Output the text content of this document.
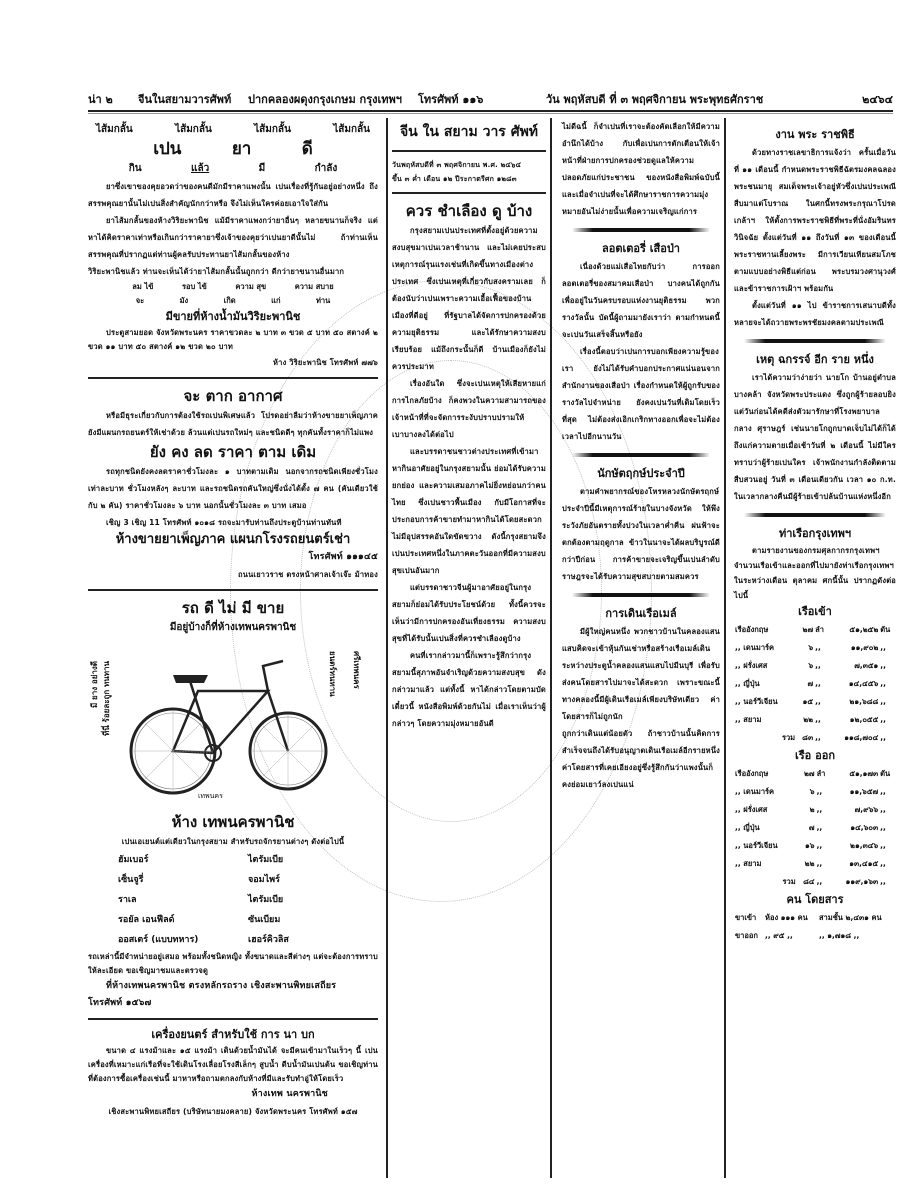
น่า ๒ จีนในสยามวารศัพท์ ปากคลองผดุงกรุงเกษม กรุงเทพฯ โทรศัพท์ ๑๑๖	วัน พฤหัสบดี ที่ ๓ พฤศจิกายน พระพุทธศักราช	๒๔๖๔
ไส้มกลั้น	ไส้มกลั้น	ไส้มกลั้น	ไส้มกลั้น
เปน	ยา	ดี
กิน	แล้ว	มี	กำลัง
ยาซึ่งเขาของคุยอวดว่าของคนดีมักมีราคาแพงนั้น เปนเรื่องที่รู้กันอยู่อย่างหนึ่ง ถึงสรรพคุณยานั้นไม่เปนสิ่งสำคัญนักกว่าหรือ จึงไม่เห็นใครค่อยเอาใจใส่กัน
ยาไส้มกลั้นของห้างวิริยะพานิช แม้มีราคาแพงกว่ายาอื่นๆ หลายขนานก็จริง แต่หาได้คิดราคาเท่าหรือเกินกว่าราคายาซึ่งเจ้าของคุยว่าเปนยาดีนั้นไม่ ถ้าท่านเห็นสรรพคุณที่ปรากฏแต่ท่านผู้คลรับประทานยาไส้มกลั้นของห้าง
วิริยะพานิชแล้ว ท่านจะเห็นได้ว่ายาไส้มกลั้นนั้นถูกกว่า ดีกว่ายาขนานอื่นมาก
ลม ไข้	รอบ ไข้	ความ สุข	ความ สบาย
จะ	มัง	เกิด	แก่	ท่าน
มีขายที่ห้างน้ำมันวิริยะพานิช
ประตูสามยอด จังหวัดพระนคร ราคาขวดละ ๒ บาท ๓ ขวด ๕ บาท ๕๐ สตางค์ ๒ ขวด ๑๑ บาท ๕๐ สตางค์ ๑๒ ขวด ๒๐ บาท
ห้าง วิริยะพานิช โทรศัพท์ ๗๗๖
จะ ตาก อากาศ
หรือมีธุระเกี่ยวกับการต้องใช้รถเปนพิเศษแล้ว โปรดอย่าลืมว่าห้างขายยาเพ็ญภาค ยังมีแผนกรถยนตร์ให้เช่าด้วย ล้วนแต่เปนรถใหม่ๆ และชนิดดีๆ ทุกคันทั้งราคาก็ไม่แพง
ยัง คง ลด ราคา ตาม เดิม
รถทุกชนิดยังคงลดราคาชั่วโมงละ ๑ บาทตามเดิม นอกจากรถชนิดเพียงชั่วโมงเท่าละบาท ชั่วโมงหลังๆ ละบาท และรถชนิดรถคันใหญ่ซึ่งนั่งได้ตั้ง ๗ คน (คันเดียวใช้กับ ๒ คัน) ราคาชั่วโมงละ ๖ บาท นอกนั้นชั่วโมงละ ๓ บาท เสมอ
เชิญ 3 เชิญ 11 โทรศัพท์ ๑๐๑๘ รถจะมารับท่านถึงประตูบ้านท่านทันที
ห้างขายยาเพ็ญภาค แผนกโรงรถยนตร์เช่า
โทรศัพท์ ๑๑๑๔๕
ถนนเยาวราช ตรงหน้าศาลเจ้าเจ๊ะ ม้าทอง
รถ ดี ไม่ มี ขาย
มีอยู่บ้างก็ที่ห้างเทพนครพานิช
มี ยาง อย่างดี ที่นี่ ร้อยละถูก ทนทาน	ยนตร์ทนทาน ศรีเทพนคร
เทพนคร
ห้าง เทพนครพานิช
เปนเอเยนต์แต่เดียวในกรุงสยาม สำหรับรถจักรยานต่างๆ ดังต่อไปนี้
ฮัมเบอร์	ไตรัมเบีย
เซ็นจูรี่	จอมไพร์
ราเล	ไตรัมเบีย
รอยัล เอนฟีลด์	ซันเบียม
ออสเตร์ (แบบทหาร)	เฮอร์คิวลิส
รถเหล่านี้มีจำหน่ายอยู่เสมอ พร้อมทั้งชนิดหญิง ทั้งขนาดและสีต่างๆ แต่จะต้องการทราบให้ละเอียด ขอเชิญมาชมและตรวจดู
ที่ห้างเทพนครพานิช ตรงหลักรถราง เชิงสะพานพิทยเสถียร
โทรศัพท์ ๑๕๖๗
เครื่องยนตร์ สำหรับใช้ การ นา บก
ขนาด ๔ แรงม้าและ ๑๕ แรงม้า เดินด้วยน้ำมันได้ จะมีคนเข้ามาในเร็วๆ นี้ เปนเครื่องที่เหมาะแก่เรือที่จะใช้เดินโรงเลื่อยโรงสีเล็กๆ สูบน้ำ ดีบน้ำมันเปนต้น ขอเชิญท่านที่ต้องการซื้อเครื่องเช่นนี้ มาหาหรือถามตกลงกับห้างที่มีและรับทำอู่ให้โดยเร็ว
ห้างเทพ นครพานิช
เชิงสะพานพิทยเสถียร (บริษัทนายมงคลาย) จังหวัดพระนคร โทรศัพท์ ๑๕๗
จีน ใน สยาม วาร ศัพท์
วันพฤหัสบดีที่ ๓ พฤศจิกายน พ.ศ. ๒๔๖๔
ขึ้น ๓ ค่ำ เดือน ๑๒ ปีระกาตรีศก ๑๒๘๓
ควร ชำเลือง ดู บ้าง
กรุงสยามเปนประเทศที่ตั้งอยู่ด้วยความสงบสุขมาเปนเวลาช้านาน และไม่เคยประสบเหตุการณ์รุนแรงเช่นที่เกิดขึ้นทางเมืองต่างประเทศ ซึ่งเปนเหตุที่เกี่ยวกับสงครามเลย ก็ต้องนับว่าเปนเพราะความเอื้อเฟื้อของบ้านเมืองที่ดีอยู่ ที่รัฐบาลได้จัดการปกครองด้วยความยุติธรรม และได้รักษาความสงบเรียบร้อย แม้ถึงกระนั้นก็ดี บ้านเมืองก็ยังไม่ควรประมาท
เรื่องอันใด ซึ่งจะเปนเหตุให้เสียหายแก่การไกลภัยบ้าง ก็คงพวงในความสามารถของเจ้าหน้าที่ที่จะจัดการระงับปราบปรามให้เบาบางลงได้ต่อไป
และบรรดาชนชาวต่างประเทศที่เข้ามาหากินอาศัยอยู่ในกรุงสยามนั้น ย่อมได้รับความยกย่อง และความเสมอภาคไม่ยิ่งหย่อนกว่าคนไทย ซึ่งเปนชาวพื้นเมือง กับมีโอกาสที่จะประกอบการค้าขายทำมาหากินได้โดยสะดวก ไม่มีอุปสรรคอันใดขัดขวาง ดังนี้กรุงสยามจึงเปนประเทศหนึ่งในภาคตะวันออกที่มีความสงบสุขเปนอันมาก
แต่บรรดาชาวจีนผู้มาอาศัยอยู่ในกรุงสยามก็ย่อมได้รับประโยชน์ด้วย ทั้งนี้ควรจะเห็นว่ามีการปกครองอันเที่ยงธรรม ความสงบสุขที่ได้รับนั้นเปนสิ่งที่ควรชำเลืองดูบ้าง
คนที่เรากล่าวมานี้ก็เพราะรู้สึกว่ากรุงสยามนี้สุภาพอันจำเริญด้วยความสงบสุข ดังกล่าวมาแล้ว แต่ทั้งนี้ หาได้กล่าวโดยตามบัดเดี๋ยวนี้ หนังสือพิมพ์ด้วยกันไม่ เมื่อเราเห็นว่าผู้กล่าวๆ โดยความมุ่งหมายอันดี
ไม่ดีฉนี้ ก็จำเปนที่เราจะต้องคัดเลือกให้มีความอำนึกได้บ้าง กับเพื่อเปนการตักเตือนให้เจ้าหน้าที่ฝ่ายการปกครองช่วยดูแลให้ความปลอดภัยแก่ประชาชน ของหนังสือพิมพ์ฉบับนี้ และเมื่อจำเปนที่จะได้ศึกษาราชการความมุ่งหมายอันไม่ง่ายนั้นเพื่อความเจริญแก่การ
ลอตเตอรี่ เสือป่า
เนื่องด้วยแม่เสือไทยกับว่า การออกลอตเตอรี่ของสมาคมเสือป่า บางคนได้ถูกกันเพื่ออยู่ในวันครบรอบแห่งงานยุติธรรม พวกรางวัลนั้น บัดนี้ผู้ถามมายังเราว่า ตามกำหนดนี้จะเปนวันเสร็จสิ้นหรือยัง
เรื่องนี้ตอบว่าเปนการบอกเพียงความรู้ของเรา ยังไม่ได้รับคำบอกประกาศแน่นอนจากสำนักงานของเสือป่า เรื่องกำหนดให้ผู้ถูกรับของรางวัลไปจำหน่าย ยังคงเปนวันที่เดิมโดยเร็วที่สุด ไม่ต้องส่งเอิกเกริกทางออกเพื่อจะไม่ต้องเวลาไปอีกนานวัน
นักษัตฤกษ์ประจำปี
ตามคำพยากรณ์ของโหรหลวงนักษัตรฤกษ์ประจำปีนี้มีเหตุการณ์ร้ายในบางจังหวัด ให้พึงระวังภัยอันตรายทั้งปวงในเวลาค่ำคืน ฝนฟ้าจะตกต้องตามฤดูกาล ข้าวในนาจะได้ผลบริบูรณ์ดีกว่าปีก่อน การค้าขายจะเจริญขึ้นเปนลำดับ ราษฎรจะได้รับความสุขสบายตามสมควร
การเดินเรือเมล์
มีผู้ใหญ่คนหนึ่ง พวกชาวบ้านในคลองแสนแสบคิดจะเข้าหุ้นกันเช่าหรือสร้างเรือเมล์เดินระหว่างประตูน้ำคลองแสนแสบไปมีนบุรี เพื่อรับส่งคนโดยสารไปมาจะได้สะดวก เพราะขณะนี้ทางคลองนี้มีผู้เดินเรือเมล์เพียงบริษัทเดียว ค่าโดยสารก็ไม่ถูกนัก
ถูกกว่าเดินแต่น้อยตัว ถ้าชาวบ้านนั้นคิดการสำเร็จจนถึงได้รับอนุญาตเดินเรือเมล์อีกรายหนึ่ง ค่าโดยสารที่เคยเอียงอยู่ซึ่งรู้สึกกันว่าแพงนั้นก็คงย่อมเยาว์ลงเปนแน่
งาน พระ ราชพิธี
ด้วยทางราชเลขาธิการแจ้งว่า ครั้นเมื่อวันที่ ๑๑ เดือนนี้ กำหนดพระราชพิธีฉัตรมงคลฉลองพระชนมายุ สมเด็จพระเจ้าอยู่หัวซึ่งเปนประเพณีสืบมาแต่โบราณ ในศกนี้ทรงพระกรุณาโปรดเกล้าฯ ให้ตั้งการพระราชพิธีที่พระที่นั่งอัมรินทรวินิจฉัย ตั้งแต่วันที่ ๑๑ ถึงวันที่ ๑๓ ของเดือนนี้ พระราชทานเลี้ยงพระ มีการเวียนเทียนสมโภชตามแบบอย่างพิธีแต่ก่อน พระบรมวงศานุวงศ์และข้าราชการเฝ้าฯ พร้อมกัน
ตั้งแต่วันที่ ๑๑ ไป ข้าราชการเสนาบดีทั้งหลายจะได้ถวายพระพรชัยมงคลตามประเพณี
เหตุ ฉกรรจ์ อีก ราย หนึ่ง
เราได้ความว่าง่ายว่า นายโก บ้านอยู่ตำบลบางคล้า จังหวัดพระประแดง ซึ่งถูกผู้ร้ายลอบยิงแต่วันก่อนได้คดีส่งตัวมารักษาที่โรงพยาบาลกลาง ศุราษฎร์ เช่นนายโกถูกบาดเจ็บไม่ได้ก็ได้ถึงแก่ความตายเมื่อเช้าวันที่ ๒ เดือนนี้ ไม่มีใครทราบว่าผู้ร้ายเปนใคร เจ้าพนักงานกำลังติดตามสืบสวนอยู่ วันที่ ๓ เดือนเดียวกัน เวลา ๑๐ ก.ท. ในเวลากลางคืนมีผู้ร้ายเข้าปล้นบ้านแห่งหนึ่งอีก
ท่าเรือกรุงเทพฯ
ตามรายงานของกรมศุลกากรกรุงเทพฯ จำนวนเรือเข้าและออกที่ไปมายังท่าเรือกรุงเทพฯ ในระหว่างเดือน ตุลาคม ศกนี้นั้น ปรากฏดังต่อไปนี้
เรือเข้า
เรืออังกฤษ	๒๗	ลำ	๕๑,๒๕๒	ตัน
,, เดนมาร์ค	๖	,,	๑๑,๙๐๒	,,
,, ฝรั่งเศส	๖	,,	๗,๓๕๑	,,
,, ญี่ปุ่น	๗	,,	๑๔,๔๕๖	,,
,, นอร์วีเจียน	๑๕	,,	๒๑,๖๘๘	,,
,, สยาม	๒๒	,,	๑๒,๐๕๕	,,
รวม	๘๓	,,	๑๑๘,๗๐๔	,,
เรือ ออก
เรืออังกฤษ	๒๗	ลำ	๕๑,๑๗๓	ตัน
,, เดนมาร์ค	๖	,,	๑๑,๖๕๗	,,
,, ฝรั่งเศส	๒	,,	๗,๙๖๖	,,
,, ญี่ปุ่น	๗	,,	๑๔,๖๐๓	,,
,, นอร์วีเจียน	๑๖	,,	๒๑,๓๔๖	,,
,, สยาม	๒๒	,,	๑๓,๔๑๕	,,
รวม	๘๔	,,	๑๑๙,๑๖๓	,,
คน โดยสาร
ขาเข้า	ห้อง ๑๑๑ คน	สามชั้น ๒,๔๓๑ คน
ขาออก	,, ๙๕ ,,	,, ๑,๗๑๘ ,,
